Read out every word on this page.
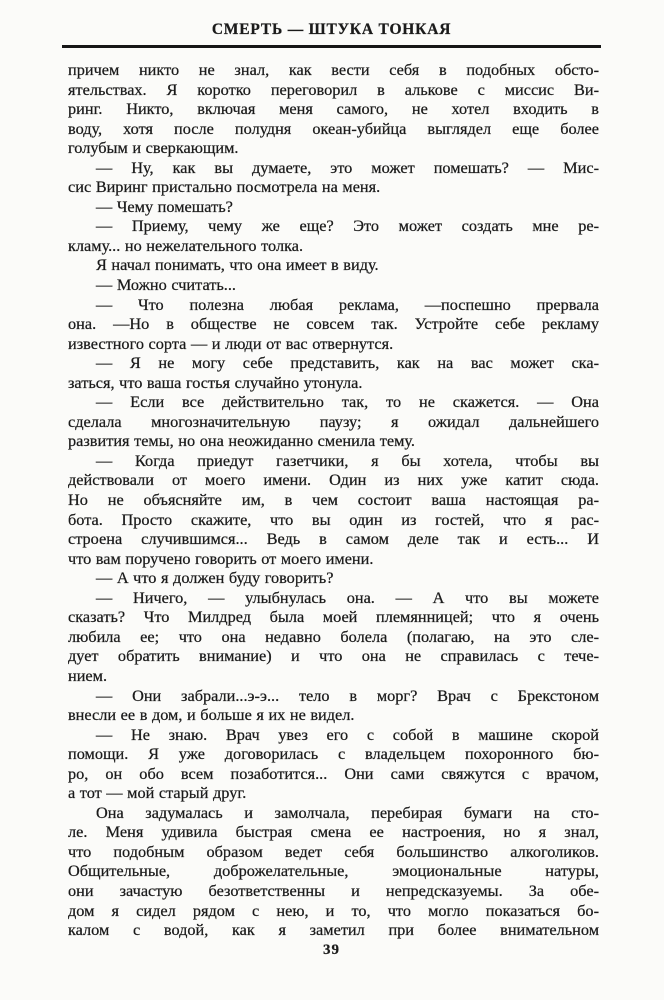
СМЕРТЬ — ШТУКА ТОНКАЯ
причем никто не знал, как вести себя в подобных обсто-
ятельствах. Я коротко переговорил в алькове с миссис Ви-
ринг. Никто, включая меня самого, не хотел входить в
воду, хотя после полудня океан-убийца выглядел еще более
голубым и сверкающим.
— Ну, как вы думаете, это может помешать? — Мис-
сис Виринг пристально посмотрела на меня.
— Чему помешать?
— Приему, чему же еще? Это может создать мне ре-
кламу... но нежелательного толка.
Я начал понимать, что она имеет в виду.
— Можно считать...
— Что полезна любая реклама, —поспешно прервала
она. —Но в обществе не совсем так. Устройте себе рекламу
известного сорта — и люди от вас отвернутся.
— Я не могу себе представить, как на вас может ска-
заться, что ваша гостья случайно утонула.
— Если все действительно так, то не скажется. — Она
сделала многозначительную паузу; я ожидал дальнейшего
развития темы, но она неожиданно сменила тему.
— Когда приедут газетчики, я бы хотела, чтобы вы
действовали от моего имени. Один из них уже катит сюда.
Но не объясняйте им, в чем состоит ваша настоящая ра-
бота. Просто скажите, что вы один из гостей, что я рас-
строена случившимся... Ведь в самом деле так и есть... И
что вам поручено говорить от моего имени.
— А что я должен буду говорить?
— Ничего, — улыбнулась она. — А что вы можете
сказать? Что Милдред была моей племянницей; что я очень
любила ее; что она недавно болела (полагаю, на это сле-
дует обратить внимание) и что она не справилась с тече-
нием.
— Они забрали...э-э... тело в морг? Врач с Брекстоном
внесли ее в дом, и больше я их не видел.
— Не знаю. Врач увез его с собой в машине скорой
помощи. Я уже договорилась с владельцем похоронного бю-
ро, он обо всем позаботится... Они сами свяжутся с врачом,
а тот — мой старый друг.
Она задумалась и замолчала, перебирая бумаги на сто-
ле. Меня удивила быстрая смена ее настроения, но я знал,
что подобным образом ведет себя большинство алкоголиков.
Общительные, доброжелательные, эмоциональные натуры,
они зачастую безответственны и непредсказуемы. За обе-
дом я сидел рядом с нею, и то, что могло показаться бо-
калом с водой, как я заметил при более внимательном
39
